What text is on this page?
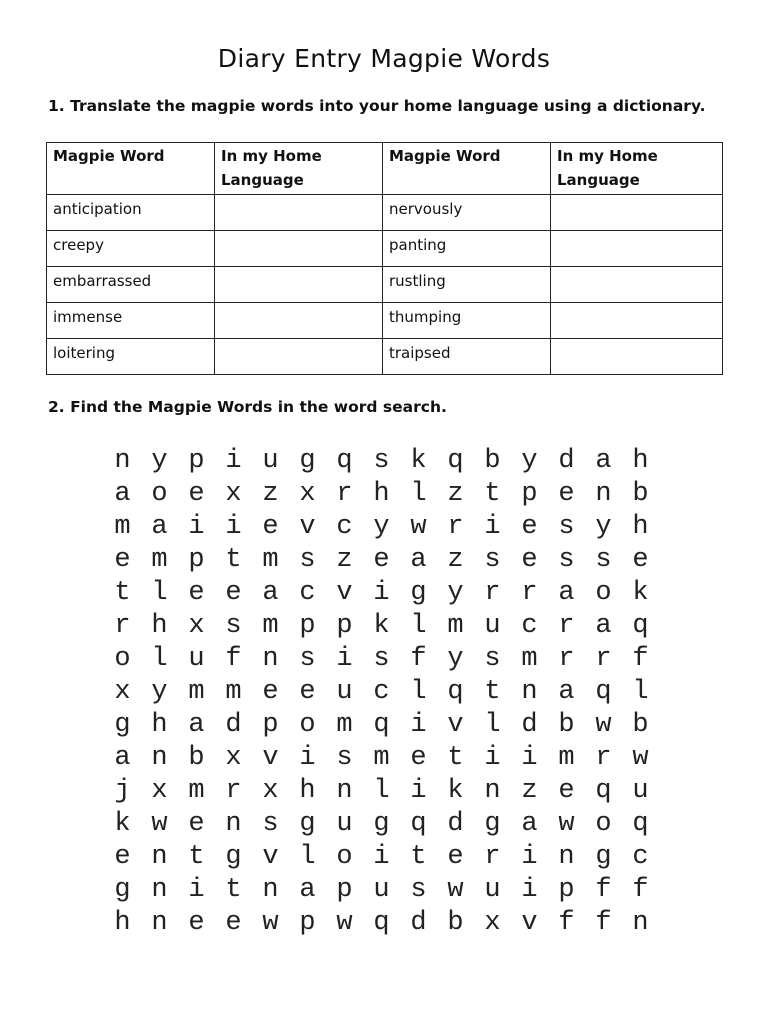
Diary Entry Magpie Words
1. Translate the magpie words into your home language using a dictionary.
Magpie Word	In my Home Language	Magpie Word	In my Home Language
anticipation		nervously	
creepy		panting	
embarrassed		rustling	
immense		thumping	
loitering		traipsed	
2. Find the Magpie Words in the word search.
n y p i u g q s k q b y d a h
a o e x z x r h l z t p e n b
m a i i e v c y w r i e s y h
e m p t m s z e a z s e s s e
t l e e a c v i g y r r a o k
r h x s m p p k l m u c r a q
o l u f n s i s f y s m r r f
x y m m e e u c l q t n a q l
g h a d p o m q i v l d b w b
a n b x v i s m e t i i m r w
j x m r x h n l i k n z e q u
k w e n s g u g q d g a w o q
e n t g v l o i t e r i n g c
g n i t n a p u s w u i p f f
h n e e w p w q d b x v f f n
